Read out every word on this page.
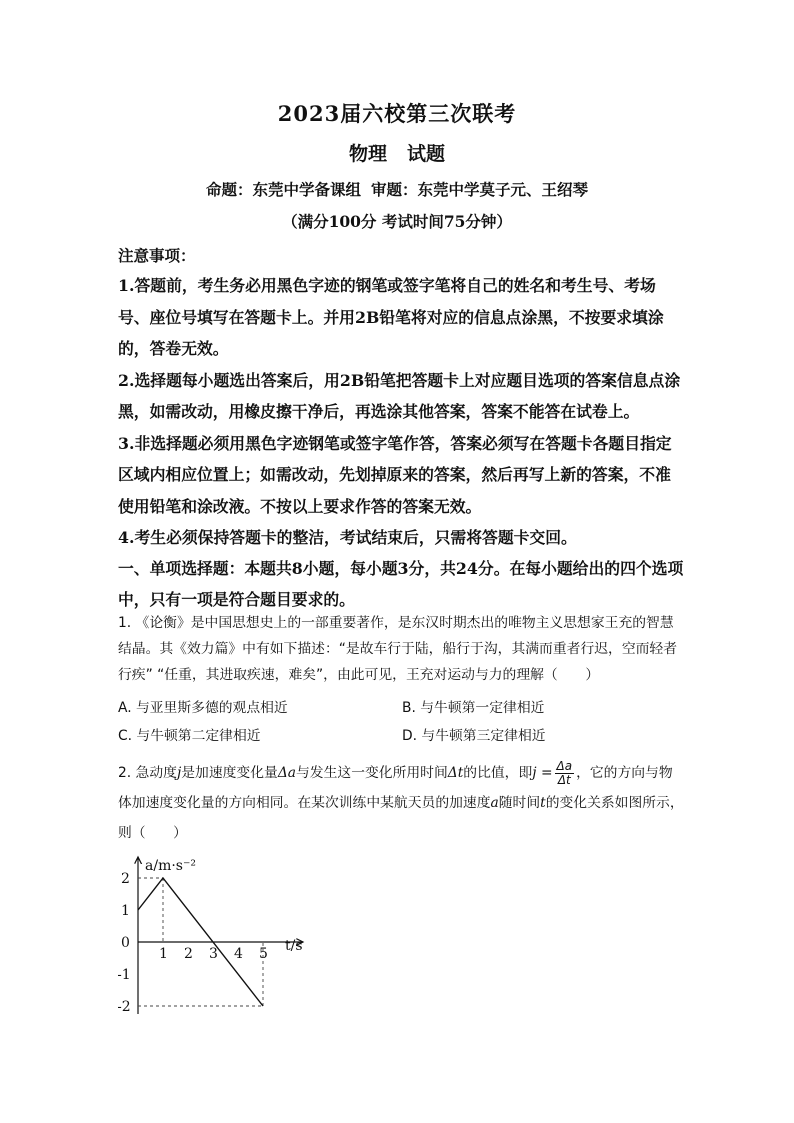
2023届六校第三次联考
物理 试题
命题：东莞中学备课组 审题：东莞中学莫子元、王绍琴
（满分100分 考试时间75分钟）
注意事项：

1.答题前，考生务必用黑色字迹的钢笔或签字笔将自己的姓名和考生号、考场号、座位号填写在答题卡上。并用2B铅笔将对应的信息点涂黑，不按要求填涂的，答卷无效。

2.选择题每小题选出答案后，用2B铅笔把答题卡上对应题目选项的答案信息点涂黑，如需改动，用橡皮擦干净后，再选涂其他答案，答案不能答在试卷上。

3.非选择题必须用黑色字迹钢笔或签字笔作答，答案必须写在答题卡各题目指定区域内相应位置上；如需改动，先划掉原来的答案，然后再写上新的答案，不准使用铅笔和涂改液。不按以上要求作答的答案无效。

4.考生必须保持答题卡的整洁，考试结束后，只需将答题卡交回。

一、单项选择题：本题共8小题，每小题3分，共24分。在每小题给出的四个选项中，只有一项是符合题目要求的。
1. 《论衡》是中国思想史上的一部重要著作，是东汉时期杰出的唯物主义思想家王充的智慧结晶。其《效力篇》中有如下描述：“是故车行于陆，船行于沟，其满而重者行迟，空而轻者行疾” “任重，其进取疾速，难矣”，由此可见，王充对运动与力的理解（　　）
A. 与亚里斯多德的观点相近	B. 与牛顿第一定律相近
C. 与牛顿第二定律相近	D. 与牛顿第三定律相近
2. 急动度j是加速度变化量Δa与发生这一变化所用时间Δt的比值，即$j = \frac{\Delta a}{\Delta t}$ ，它的方向与物体加速度变化量的方向相同。在某次训练中某航天员的加速度a随时间t的变化关系如图所示，则（　　）
1 2 3 4 5
2
1
0
-1
-2
a/m·s⁻²
t/s
